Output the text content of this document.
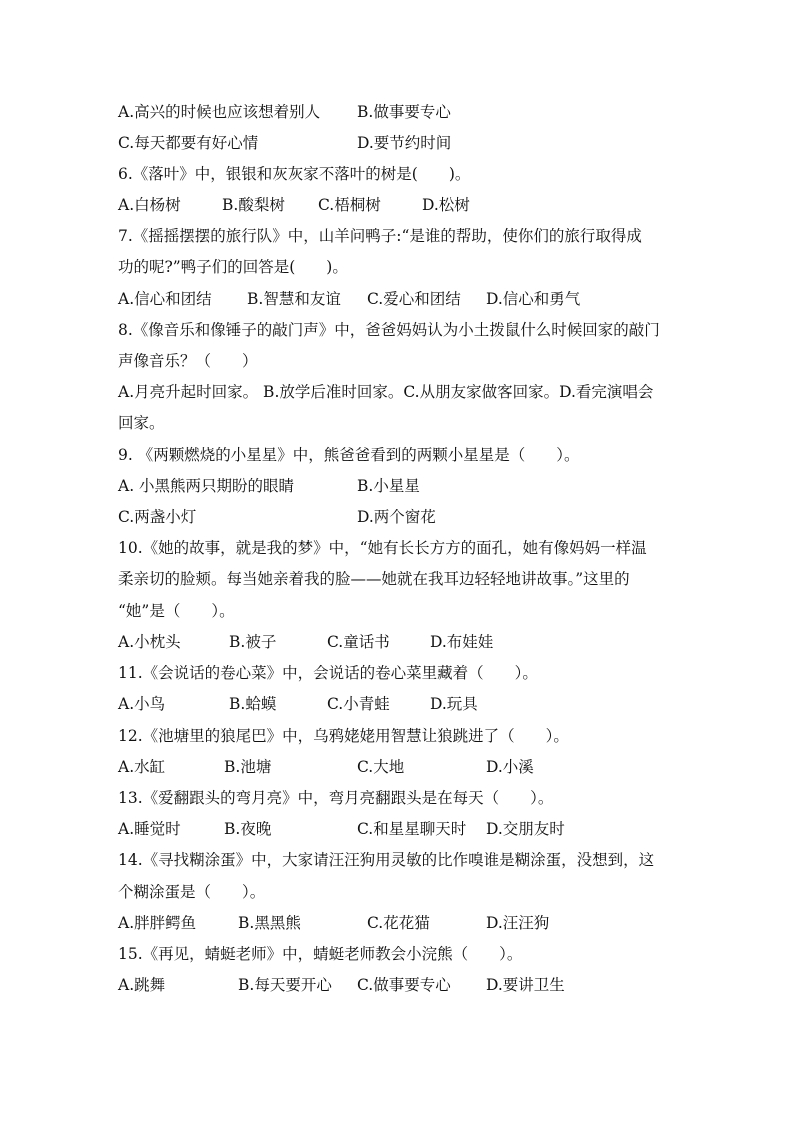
A.高兴的时候也应该想着别人 B.做事要专心
C.每天都要有好心情	D.要节约时间
6.《落叶》中，银银和灰灰家不落叶的树是(　　)。
A.白杨树	B.酸梨树 C.梧桐树	D.松树
7.《摇摇摆摆的旅行队》中，山羊问鸭子:“是谁的帮助，使你们的旅行取得成
功的呢?”鸭子们的回答是(　　)。
A.信心和团结 B.智慧和友谊 C.爱心和团结 D.信心和勇气
8.《像音乐和像锤子的敲门声》中，爸爸妈妈认为小土拨鼠什么时候回家的敲门
声像音乐？（　　）
A.月亮升起时回家。 B.放学后准时回家。C.从朋友家做客回家。D.看完演唱会
回家。
9. 《两颗燃烧的小星星》中，熊爸爸看到的两颗小星星是（　　）。
A. 小黑熊两只期盼的眼睛	B.小星星
C.两盏小灯	D.两个窗花
10.《她的故事，就是我的梦》中，“她有长长方方的面孔，她有像妈妈一样温
柔亲切的脸颊。每当她亲着我的脸——她就在我耳边轻轻地讲故事。”这里的
“她”是（　　）。
A.小枕头	B.被子	C.童话书	D.布娃娃
11.《会说话的卷心菜》中，会说话的卷心菜里藏着（　　）。
A.小鸟	B.蛤蟆	C.小青蛙	D.玩具
12.《池塘里的狼尾巴》中，乌鸦姥姥用智慧让狼跳进了（　　）。
A.水缸	B.池塘	C.大地	D.小溪
13.《爱翻跟头的弯月亮》中，弯月亮翻跟头是在每天（　　）。
A.睡觉时	B.夜晚	C.和星星聊天时 D.交朋友时
14.《寻找糊涂蛋》中，大家请汪汪狗用灵敏的比作嗅谁是糊涂蛋，没想到，这
个糊涂蛋是（　　）。
A.胖胖鳄鱼	B.黑黑熊	C.花花猫	D.汪汪狗
15.《再见，蜻蜓老师》中，蜻蜓老师教会小浣熊（　　）。
A.跳舞	B.每天要开心 C.做事要专心 D.要讲卫生
